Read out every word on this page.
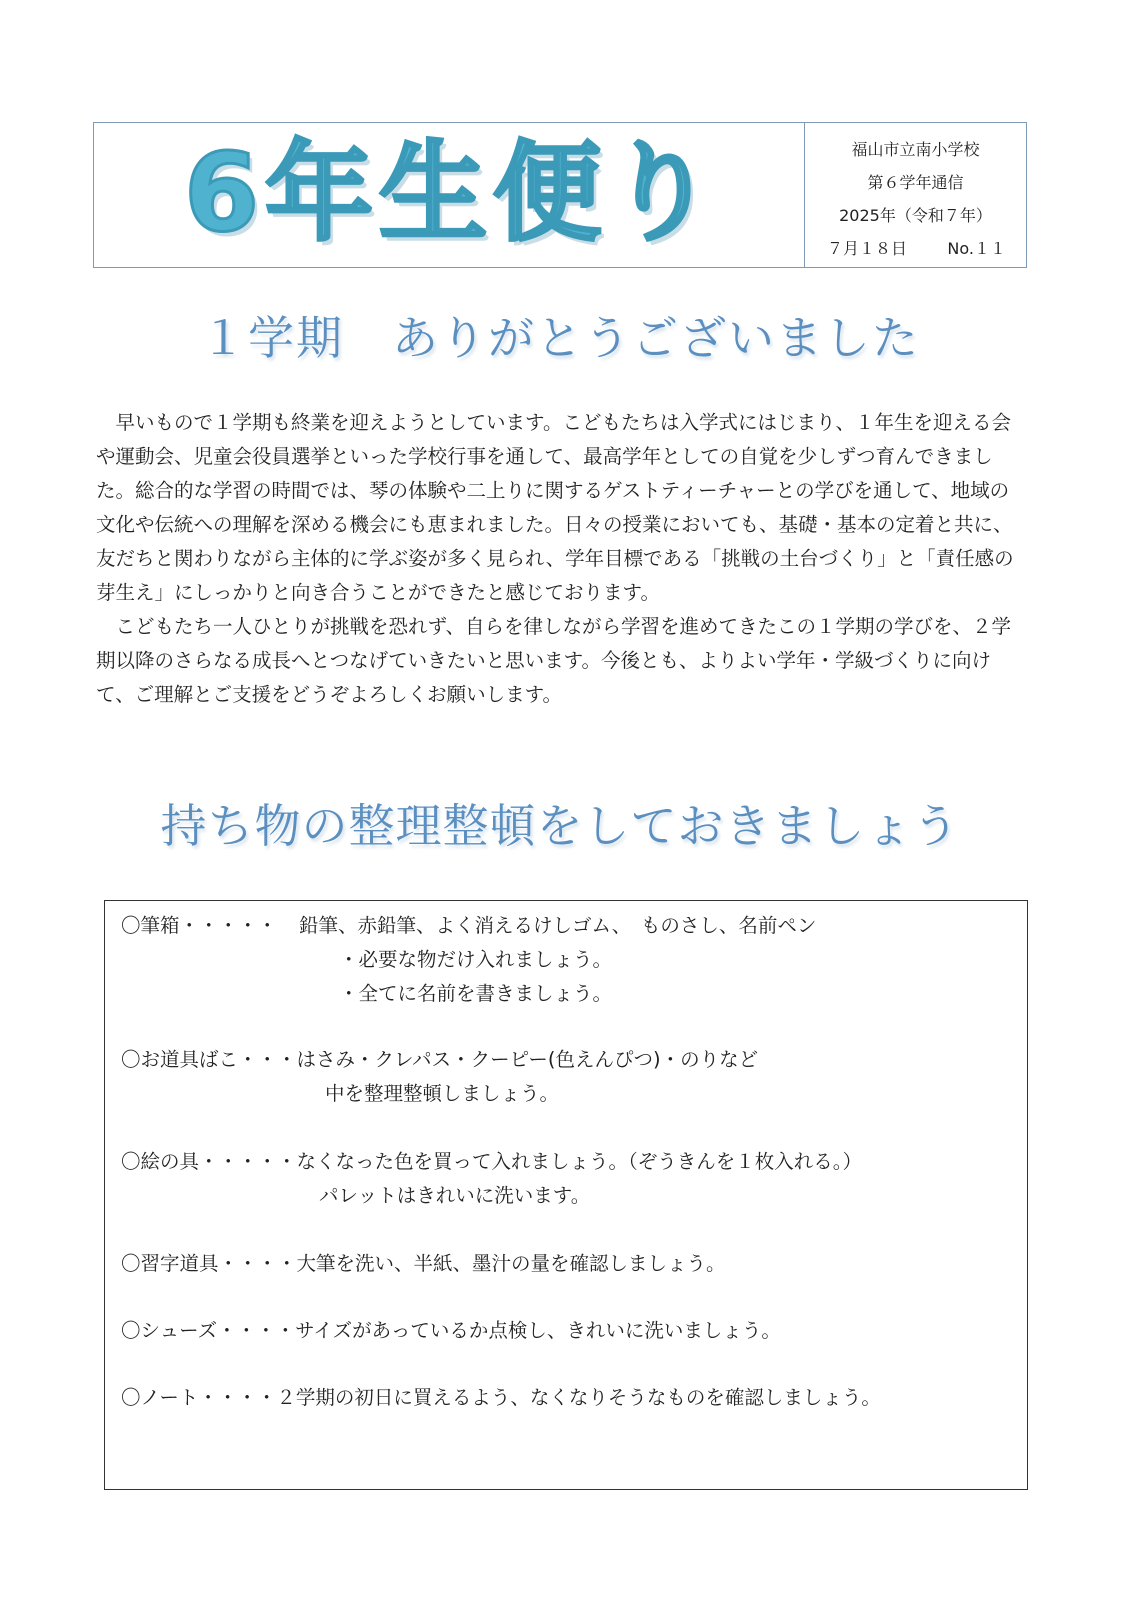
6年生便り	福山市立南小学校
第６学年通信
2025年（令和７年）
７月１８日	No.１１
１学期　ありがとうございました

早いもので１学期も終業を迎えようとしています。こどもたちは入学式にはじまり、１年生を迎える会や運動会、児童会役員選挙といった学校行事を通して、最高学年としての自覚を少しずつ育んできました。総合的な学習の時間では、琴の体験や二上りに関するゲストティーチャーとの学びを通して、地域の文化や伝統への理解を深める機会にも恵まれました。日々の授業においても、基礎・基本の定着と共に、友だちと関わりながら主体的に学ぶ姿が多く見られ、学年目標である「挑戦の土台づくり」と「責任感の芽生え」にしっかりと向き合うことができたと感じております。

こどもたち一人ひとりが挑戦を恐れず、自らを律しながら学習を進めてきたこの１学期の学びを、２学期以降のさらなる成長へとつなげていきたいと思います。今後とも、よりよい学年・学級づくりに向けて、ご理解とご支援をどうぞよろしくお願いします。

持ち物の整理整頓をしておきましょう
〇筆箱・・・・・ 鉛筆、赤鉛筆、よく消えるけしゴム、　ものさし、名前ペン
・必要な物だけ入れましょう。
・全てに名前を書きましょう。
〇お道具ばこ・・・はさみ・クレパス・クーピー(色えんぴつ)・のりなど
中を整理整頓しましょう。
〇絵の具・・・・・なくなった色を買って入れましょう。（ぞうきんを１枚入れる。）
パレットはきれいに洗います。
〇習字道具・・・・大筆を洗い、半紙、墨汁の量を確認しましょう。
〇シューズ・・・・サイズがあっているか点検し、きれいに洗いましょう。
〇ノート・・・・２学期の初日に買えるよう、なくなりそうなものを確認しましょう。
